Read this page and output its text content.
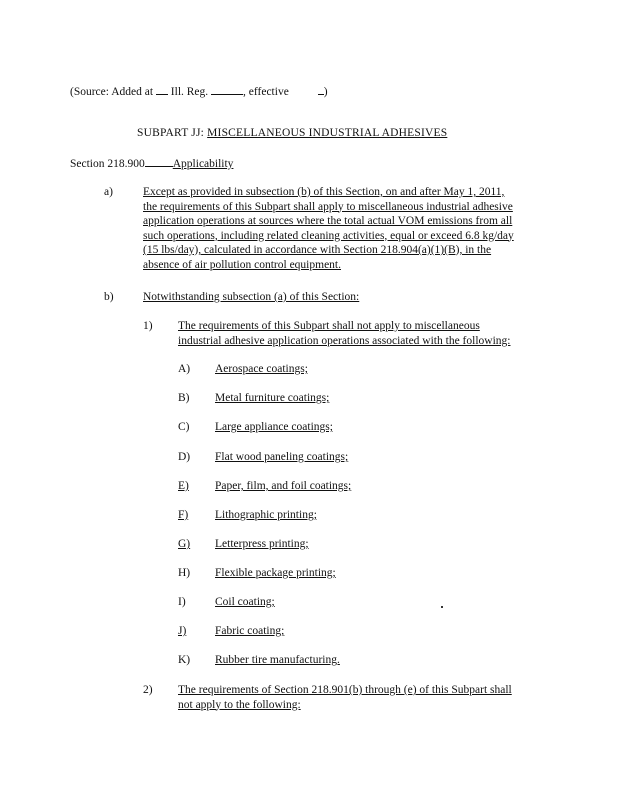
(Source: Added at  Ill. Reg.	, effective	)
SUBPART JJ: MISCELLANEOUS INDUSTRIAL ADHESIVES
Section 218.900 Applicability
a)	Except as provided in subsection (b) of this Section, on and after May 1, 2011,
the requirements of this Subpart shall apply to miscellaneous industrial adhesive
application operations at sources where the total actual VOM emissions from all
such operations, including related cleaning activities, equal or exceed 6.8 kg/day
(15 lbs/day), calculated in accordance with Section 218.904(a)(1)(B), in the
absence of air pollution control equipment.
b)	Notwithstanding subsection (a) of this Section:
1) The requirements of this Subpart shall not apply to miscellaneous
industrial adhesive application operations associated with the following:
A) Aerospace coatings;
B) Metal furniture coatings;
C) Large appliance coatings;
D) Flat wood paneling coatings;
E) Paper, film, and foil coatings;
F) Lithographic printing;
G) Letterpress printing;
H) Flexible package printing;
I)	Coil coating;
J) Fabric coating;
K) Rubber tire manufacturing.
2) The requirements of Section 218.901(b) through (e) of this Subpart shall
not apply to the following:
